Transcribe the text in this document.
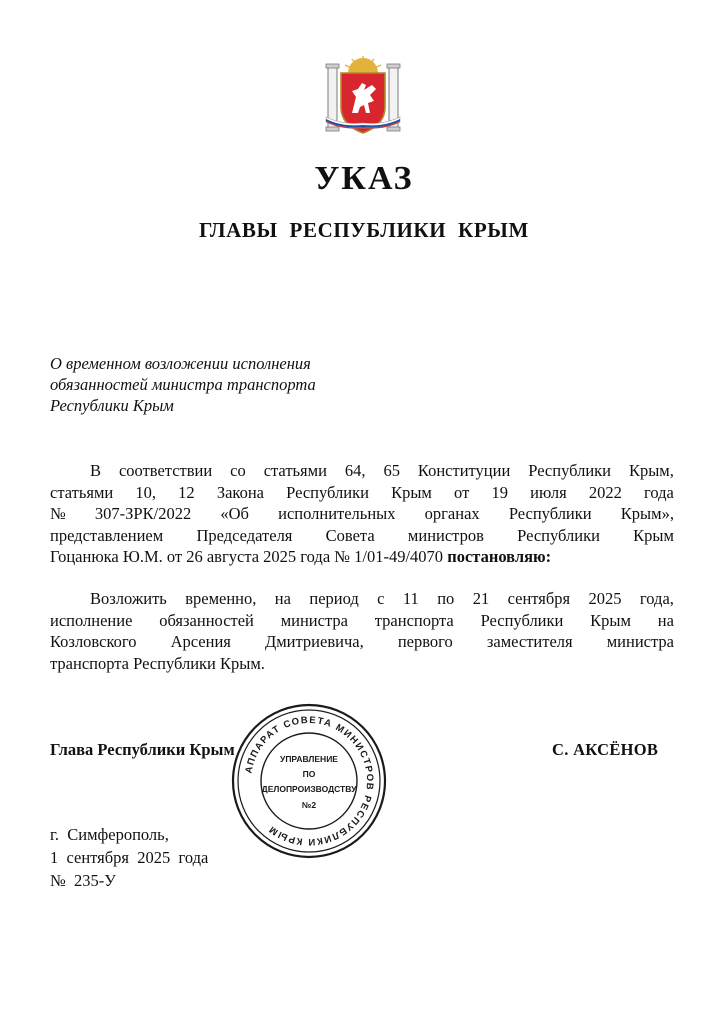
УКАЗ
ГЛАВЫ РЕСПУБЛИКИ КРЫМ
О временном возложении исполнения
обязанностей министра транспорта
Республики Крым
В соответствии со статьями 64, 65 Конституции Республики Крым,
статьями 10, 12 Закона Республики Крым от 19 июля 2022 года
№ 307-ЗРК/2022 «Об исполнительных органах Республики Крым»,
представлением Председателя Совета министров Республики Крым
Гоцанюка Ю.М. от 26 августа 2025 года № 1/01-49/4070
постановляю:
Возложить временно, на период с 11 по 21 сентября 2025 года,
исполнение обязанностей министра транспорта Республики Крым на
Козловского Арсения Дмитриевича, первого заместителя министра
транспорта Республики Крым.
Глава Республики Крым	С. АКСЁНОВ
АППАРАТ СОВЕТА МИНИСТРОВ РЕСПУБЛИКИ КРЫМ
УПРАВЛЕНИЕ
ПО
ДЕЛОПРОИЗВОДСТВУ
№2
г.  Симферополь,
1  сентября  2025  года
№  235-У
